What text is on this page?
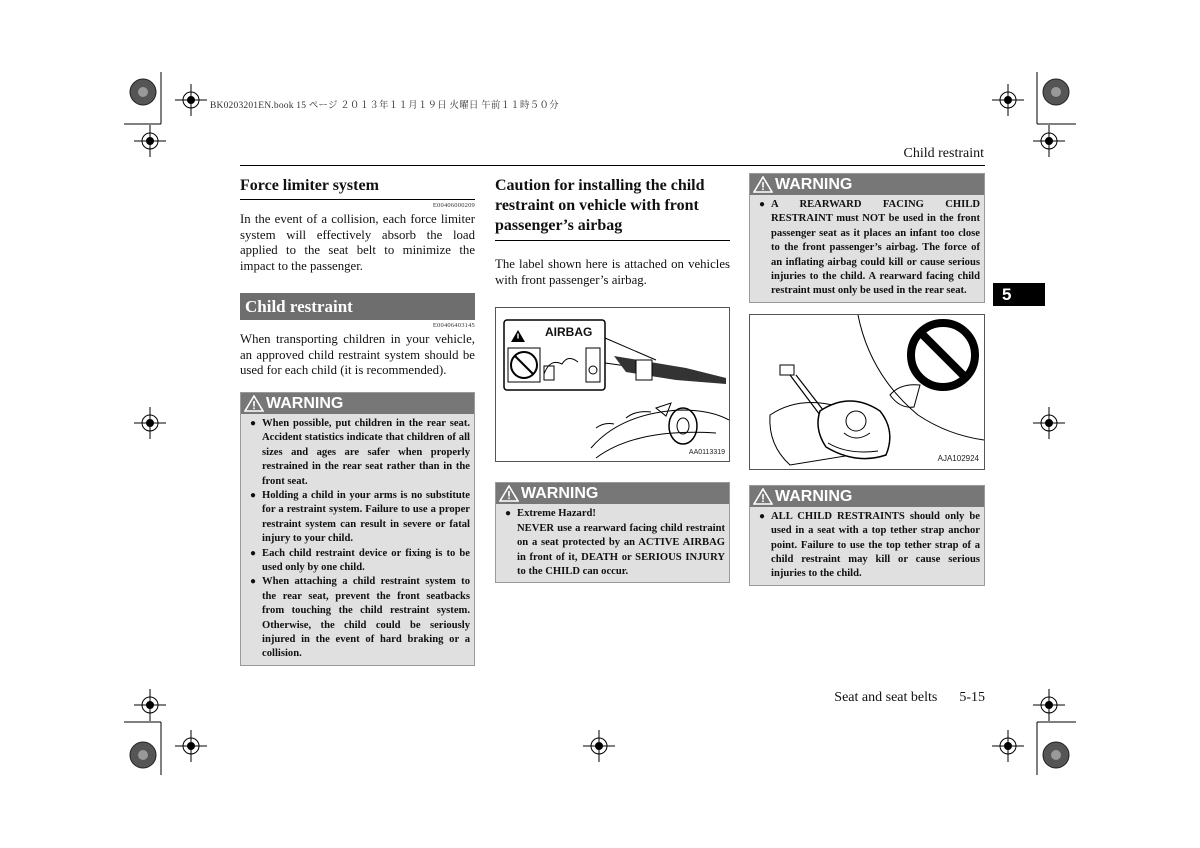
BK0203201EN.book 15 ページ ２０１３年１１月１９日 火曜日 午前１１時５０分
Child restraint
5
Force limiter system
E00406000209
In the event of a collision, each force limiter system will effectively absorb the load applied to the seat belt to minimize the impact to the passenger.
Child restraint
E00406403145
When transporting children in your vehicle, an approved child restraint system should be used for each child (it is recommended).
WARNING
● When possible, put children in the rear seat. Accident statistics indicate that children of all sizes and ages are safer when properly restrained in the rear seat rather than in the front seat.
● Holding a child in your arms is no substitute for a restraint system. Failure to use a proper restraint system can result in severe or fatal injury to your child.
● Each child restraint device or fixing is to be used only by one child.
● When attaching a child restraint system to the rear seat, prevent the front seatbacks from touching the child restraint system. Otherwise, the child could be seriously injured in the event of hard braking or a collision.
Caution for installing the child restraint on vehicle with front passenger’s airbag
The label shown here is attached on vehicles with front passenger’s airbag.
AIRBAG
AA0113319
WARNING
● Extreme Hazard!
NEVER use a rearward facing child restraint on a seat protected by an ACTIVE AIRBAG in front of it, DEATH or SERIOUS INJURY to the CHILD can occur.
WARNING
● A REARWARD FACING CHILD RESTRAINT must NOT be used in the front passenger seat as it places an infant too close to the front passenger’s airbag. The force of an inflating airbag could kill or cause serious injuries to the child. A rearward facing child restraint must only be used in the rear seat.
AJA102924
WARNING
● ALL CHILD RESTRAINTS should only be used in a seat with a top tether strap anchor point. Failure to use the top tether strap of a child restraint may kill or cause serious injuries to the child.
Seat and seat belts 5-15
